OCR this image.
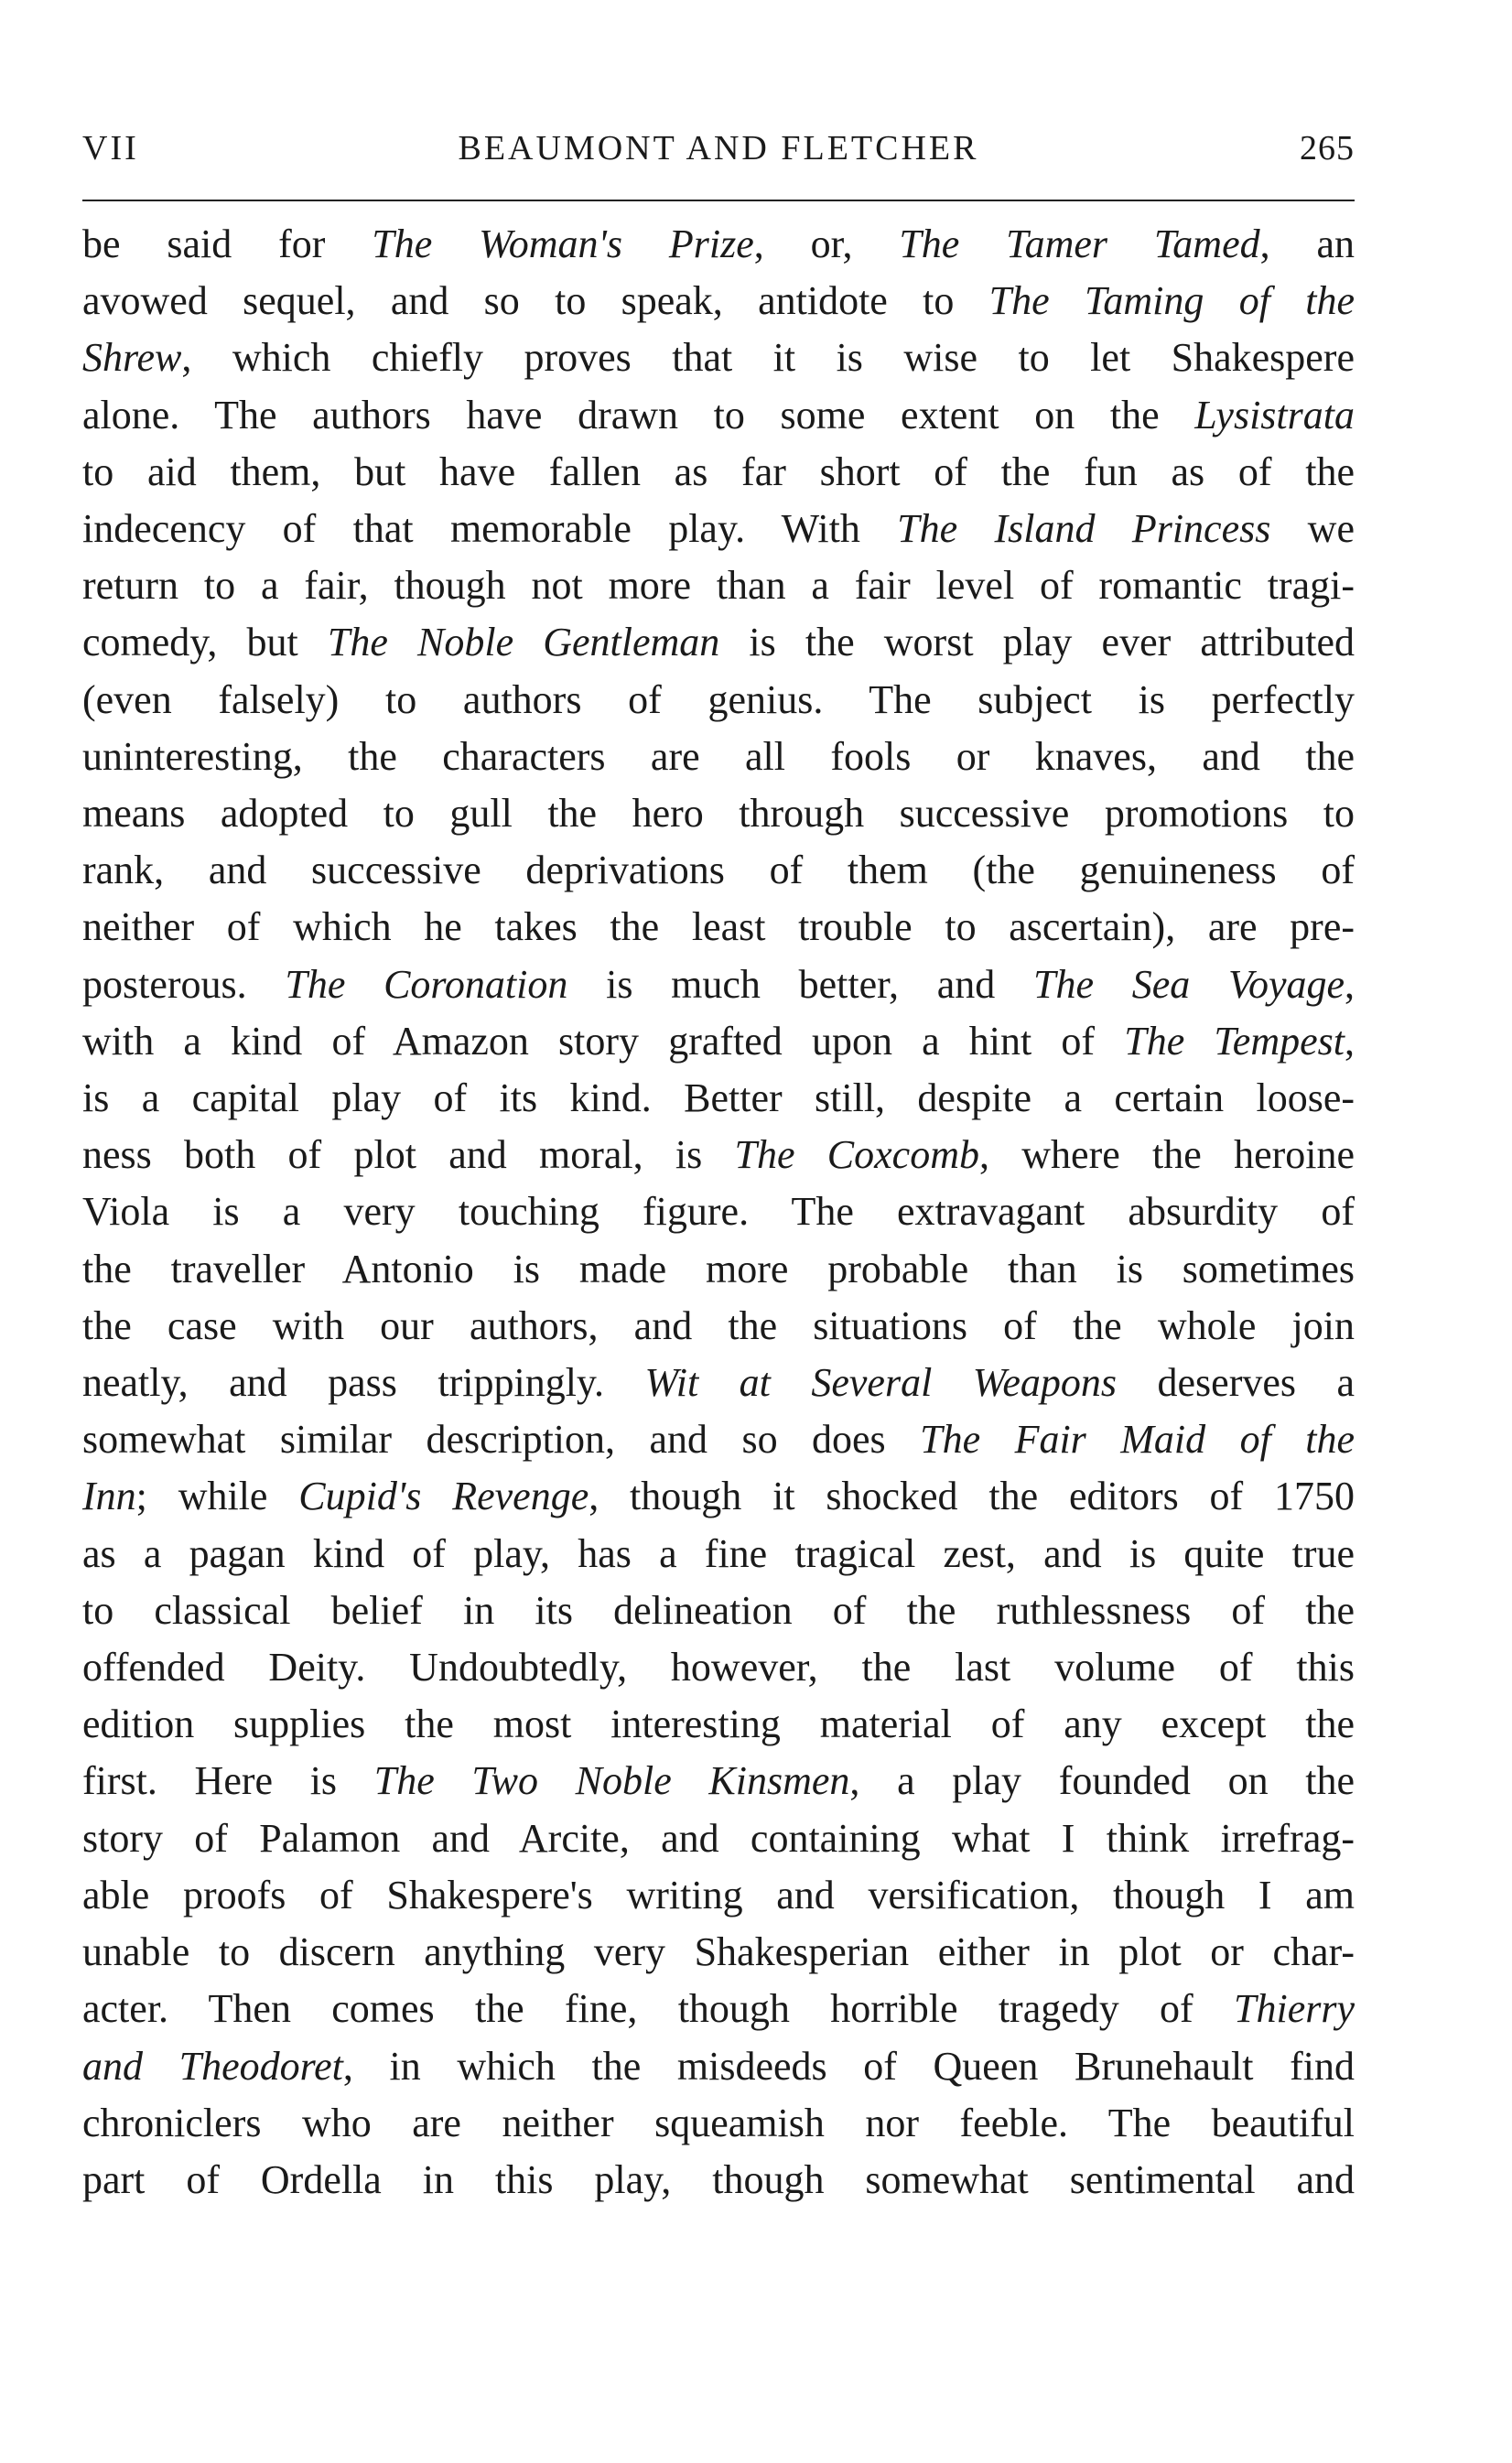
VII	BEAUMONT AND FLETCHER	265
be said for The Woman's Prize, or, The Tamer Tamed, an
avowed sequel, and so to speak, antidote to The Taming of the
Shrew, which chiefly proves that it is wise to let Shakespere
alone. The authors have drawn to some extent on the Lysistrata
to aid them, but have fallen as far short of the fun as of the
indecency of that memorable play. With The Island Princess we
return to a fair, though not more than a fair level of romantic tragi-
comedy, but The Noble Gentleman is the worst play ever attributed
(even falsely) to authors of genius. The subject is perfectly
uninteresting, the characters are all fools or knaves, and the
means adopted to gull the hero through successive promotions to
rank, and successive deprivations of them (the genuineness of
neither of which he takes the least trouble to ascertain), are pre-
posterous. The Coronation is much better, and The Sea Voyage,
with a kind of Amazon story grafted upon a hint of The Tempest,
is a capital play of its kind. Better still, despite a certain loose-
ness both of plot and moral, is The Coxcomb, where the heroine
Viola is a very touching figure. The extravagant absurdity of
the traveller Antonio is made more probable than is sometimes
the case with our authors, and the situations of the whole join
neatly, and pass trippingly. Wit at Several Weapons deserves a
somewhat similar description, and so does The Fair Maid of the
Inn; while Cupid's Revenge, though it shocked the editors of 1750
as a pagan kind of play, has a fine tragical zest, and is quite true
to classical belief in its delineation of the ruthlessness of the
offended Deity. Undoubtedly, however, the last volume of this
edition supplies the most interesting material of any except the
first. Here is The Two Noble Kinsmen, a play founded on the
story of Palamon and Arcite, and containing what I think irrefrag-
able proofs of Shakespere's writing and versification, though I am
unable to discern anything very Shakesperian either in plot or char-
acter. Then comes the fine, though horrible tragedy of Thierry
and Theodoret, in which the misdeeds of Queen Brunehault find
chroniclers who are neither squeamish nor feeble. The beautiful
part of Ordella in this play, though somewhat sentimental and
